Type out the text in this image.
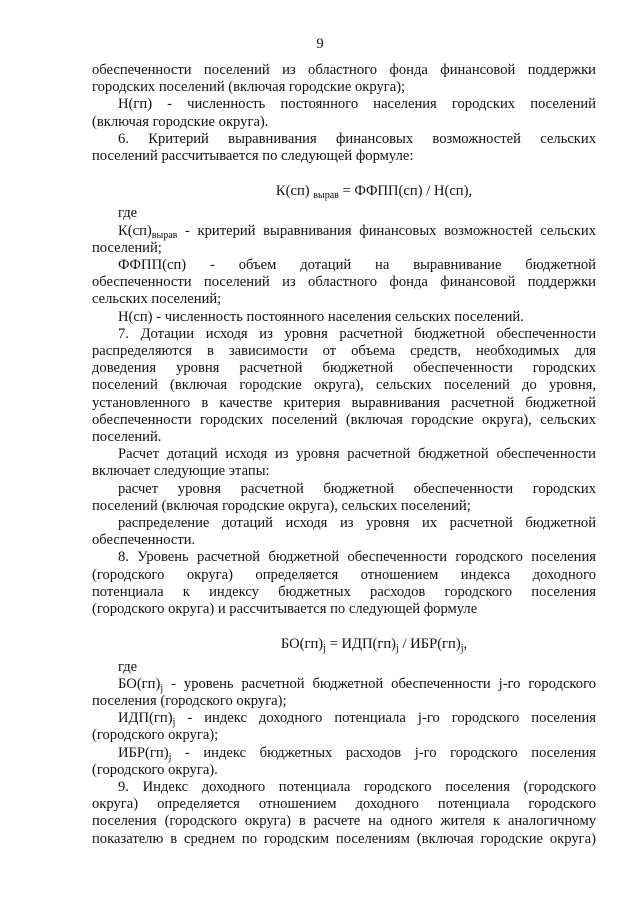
9

обеспеченности поселений из областного фонда финансовой поддержки

городских поселений (включая городские округа);

Н(гп) - численность постоянного населения городских поселений

(включая городские округа).

6. Критерий выравнивания финансовых возможностей сельских

поселений рассчитывается по следующей формуле:

К(сп) $_{вырав}$ = ФФПП(сп) / Н(сп),

где

$К(сп)_{вырав}$ - критерий выравнивания финансовых возможностей сельских

поселений;

ФФПП(сп) - объем дотаций на выравнивание бюджетной

обеспеченности поселений из областного фонда финансовой поддержки

сельских поселений;

Н(сп) - численность постоянного населения сельских поселений.

7. Дотации исходя из уровня расчетной бюджетной обеспеченности

распределяются в зависимости от объема средств, необходимых для

доведения уровня расчетной бюджетной обеспеченности городских

поселений (включая городские округа), сельских поселений до уровня,

установленного в качестве критерия выравнивания расчетной бюджетной

обеспеченности городских поселений (включая городские округа), сельских

поселений.

Расчет дотаций исходя из уровня расчетной бюджетной обеспеченности

включает следующие этапы:

расчет уровня расчетной бюджетной обеспеченности городских

поселений (включая городские округа), сельских поселений;

распределение дотаций исходя из уровня их расчетной бюджетной

обеспеченности.

8. Уровень расчетной бюджетной обеспеченности городского поселения

(городского округа) определяется отношением индекса доходного

потенциала к индексу бюджетных расходов городского поселения

(городского округа) и рассчитывается по следующей формуле

$БО(гп)_j = ИДП(гп)_j / ИБР(гп)_j$,

где

$БО(гп)_j$ - уровень расчетной бюджетной обеспеченности j-го городского

поселения (городского округа);

$ИДП(гп)_j$ - индекс доходного потенциала j-го городского поселения

(городского округа);

$ИБР(гп)_j$ - индекс бюджетных расходов j-го городского поселения

(городского округа).

9. Индекс доходного потенциала городского поселения (городского

округа) определяется отношением доходного потенциала городского

поселения (городского округа) в расчете на одного жителя к аналогичному

показателю в среднем по городским поселениям (включая городские округа)
